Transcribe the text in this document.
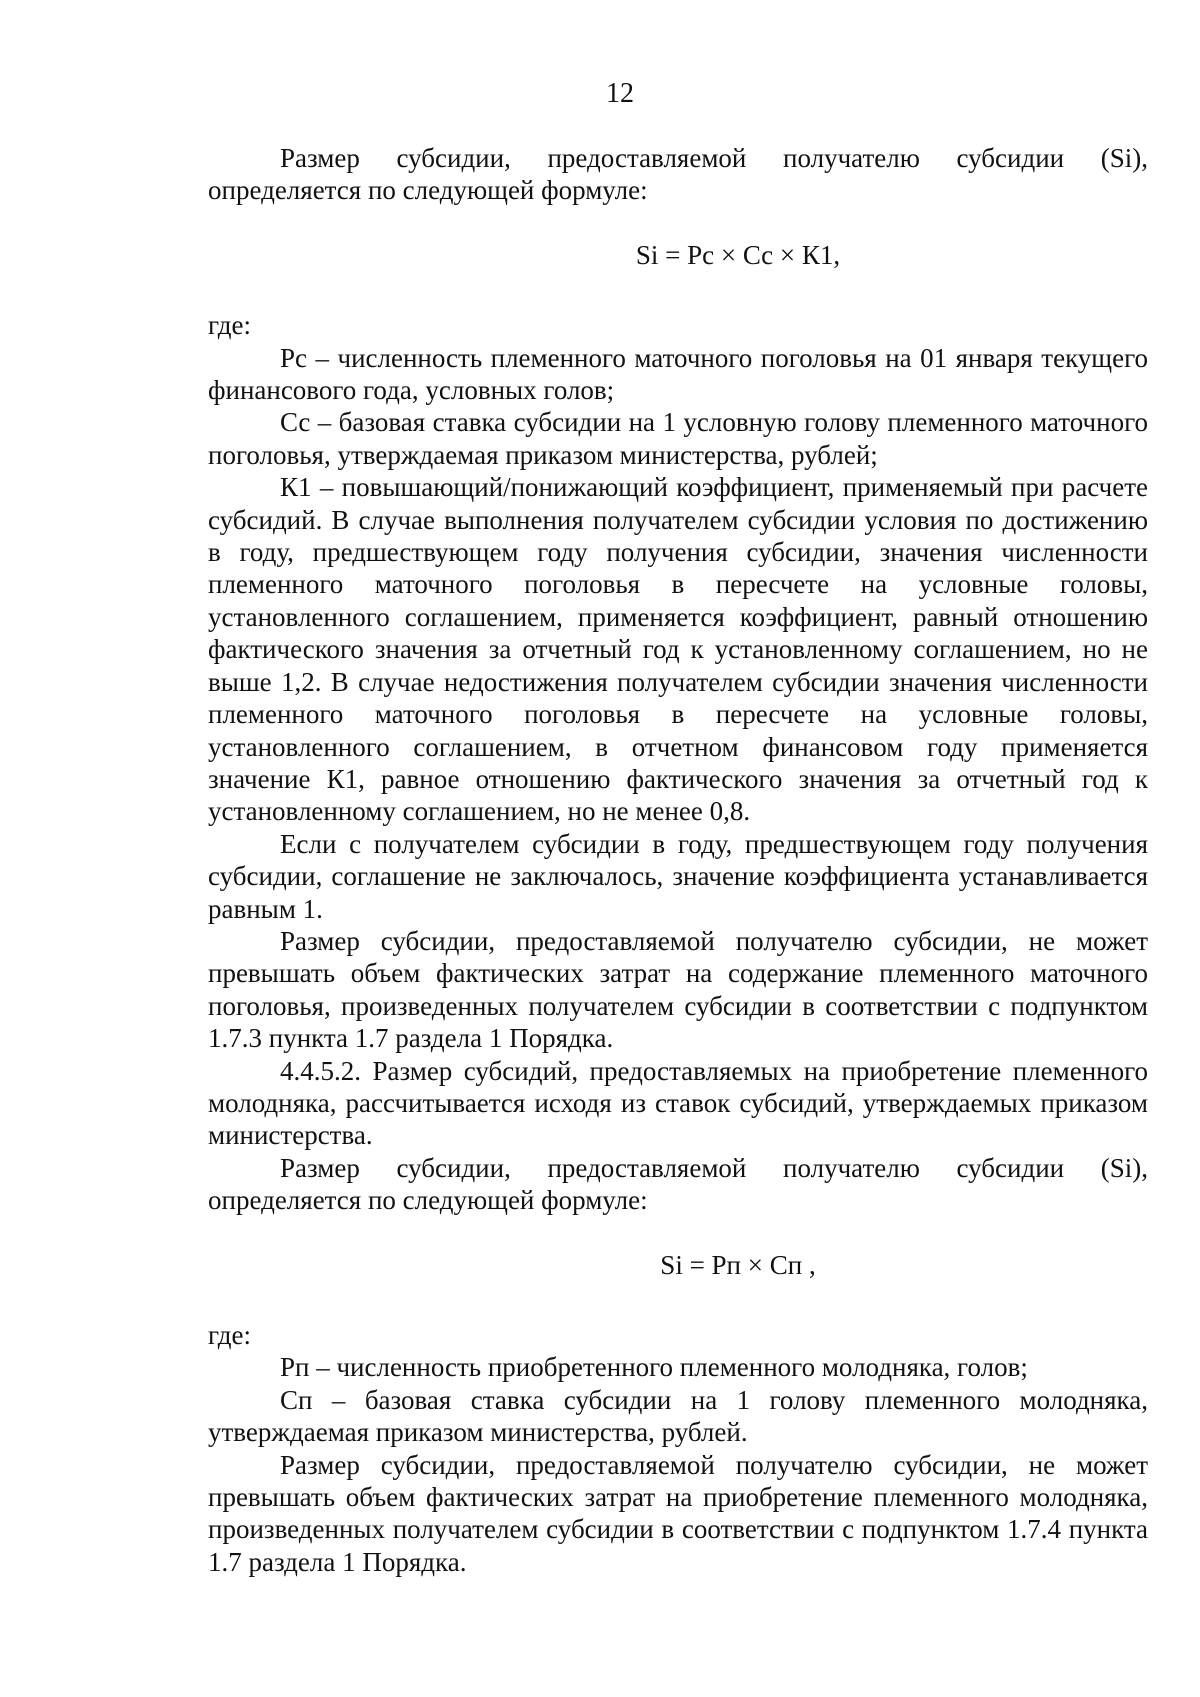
12

Размер субсидии, предоставляемой получателю субсидии (Si), определяется по следующей формуле:

Si = Рс × Сс × К1,

где:

Рс – численность племенного маточного поголовья на 01 января текущего финансового года, условных голов;

Сс – базовая ставка субсидии на 1 условную голову племенного маточного поголовья, утверждаемая приказом министерства, рублей;

К1 – повышающий/понижающий коэффициент, применяемый при расчете субсидий. В случае выполнения получателем субсидии условия по достижению в году, предшествующем году получения субсидии, значения численности племенного маточного поголовья в пересчете на условные головы, установленного соглашением, применяется коэффициент, равный отношению фактического значения за отчетный год к установленному соглашением, но не выше 1,2. В случае недостижения получателем субсидии значения численности племенного маточного поголовья в пересчете на условные головы, установленного соглашением, в отчетном финансовом году применяется значение К1, равное отношению фактического значения за отчетный год к установленному соглашением, но не менее 0,8.

Если с получателем субсидии в году, предшествующем году получения субсидии, соглашение не заключалось, значение коэффициента устанавливается равным 1.

Размер субсидии, предоставляемой получателю субсидии, не может превышать объем фактических затрат на содержание племенного маточного поголовья, произведенных получателем субсидии в соответствии с подпунктом 1.7.3 пункта 1.7 раздела 1 Порядка.

4.4.5.2. Размер субсидий, предоставляемых на приобретение племенного молодняка, рассчитывается исходя из ставок субсидий, утверждаемых приказом министерства.

Размер субсидии, предоставляемой получателю субсидии (Si), определяется по следующей формуле:

Si = Рп × Сп ,

где:

Рп – численность приобретенного племенного молодняка, голов;

Сп – базовая ставка субсидии на 1 голову племенного молодняка, утверждаемая приказом министерства, рублей.

Размер субсидии, предоставляемой получателю субсидии, не может превышать объем фактических затрат на приобретение племенного молодняка, произведенных получателем субсидии в соответствии с подпунктом 1.7.4 пункта 1.7 раздела 1 Порядка.
